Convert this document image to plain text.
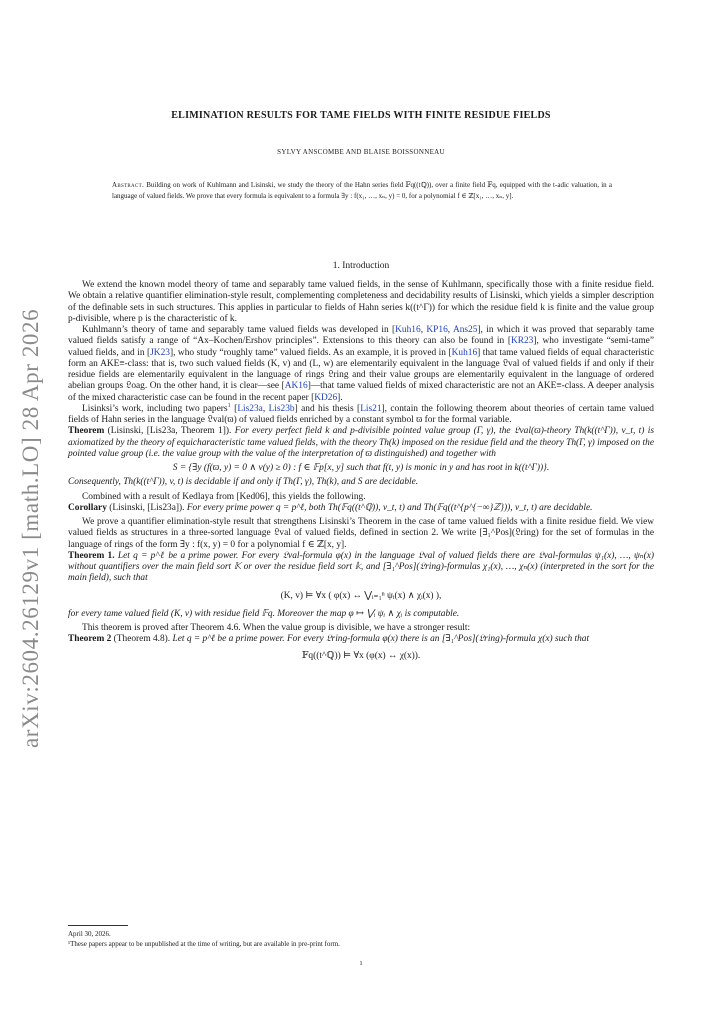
arXiv:2604.26129v1 [math.LO] 28 Apr 2026
ELIMINATION RESULTS FOR TAME FIELDS WITH FINITE RESIDUE FIELDS
SYLVY ANSCOMBE AND BLAISE BOISSONNEAU
Abstract. Building on work of Kuhlmann and Lisinski, we study the theory of the Hahn series field 𝔽q((tℚ)), over a finite field 𝔽q, equipped with the t-adic valuation, in a language of valued fields. We prove that every formula is equivalent to a formula ∃y : f(x₁, …, xₙ, y) = 0, for a polynomial f ∈ ℤ[x₁, …, xₙ, y].
1. Introduction

We extend the known model theory of tame and separably tame valued fields, in the sense of Kuhlmann, specifically those with a finite residue field. We obtain a relative quantifier elimination-style result, complementing completeness and decidability results of Lisinski, which yields a simpler description of the definable sets in such structures. This applies in particular to fields of Hahn series k((t^Γ)) for which the residue field k is finite and the value group p-divisible, where p is the characteristic of k.

Kuhlmann’s theory of tame and separably tame valued fields was developed in [Kuh16, KP16, Ans25], in which it was proved that separably tame valued fields satisfy a range of “Ax–Kochen/Ershov principles”. Extensions to this theory can also be found in [KR23], who investigate “semi-tame” valued fields, and in [JK23], who study “roughly tame” valued fields. As an example, it is proved in [Kuh16] that tame valued fields of equal characteristic form an AKE≡-class: that is, two such valued fields (K, v) and (L, w) are elementarily equivalent in the language 𝔏val of valued fields if and only if their residue fields are elementarily equivalent in the language of rings 𝔏ring and their value groups are elementarily equivalent in the language of ordered abelian groups 𝔏oag. On the other hand, it is clear—see [AK16]—that tame valued fields of mixed characteristic are not an AKE≡-class. A deeper analysis of the mixed characteristic case can be found in the recent paper [KD26].

Lisinksi’s work, including two papers$^1$ [Lis23a, Lis23b] and his thesis [Lis21], contain the following theorem about theories of certain tame valued fields of Hahn series in the language 𝔏val(ϖ) of valued fields enriched by a constant symbol ϖ for the formal variable.

Theorem (Lisinski, [Lis23a, Theorem 1]). For every perfect field k and p-divisible pointed value group (Γ, γ), the 𝔏val(ϖ)-theory Th(k((t^Γ)), v_t, t) is axiomatized by the theory of equicharacteristic tame valued fields, with the theory Th(k) imposed on the residue field and the theory Th(Γ, γ) imposed on the pointed value group (i.e. the value group with the value of the interpretation of ϖ distinguished) and together with

S = {∃y (f(ϖ, y) = 0 ∧ v(y) ≥ 0) : f ∈ 𝔽p[x, y] such that f(t, y) is monic in y and has root in k((t^Γ))}.

Consequently, Th(k((t^Γ)), v, t) is decidable if and only if Th(Γ, γ), Th(k), and S are decidable.

Combined with a result of Kedlaya from [Ked06], this yields the following.

Corollary (Lisinski, [Lis23a]). For every prime power q = p^ℓ, both Th(𝔽q((t^ℚ)), v_t, t) and Th(𝔽q((t^{p^{−∞}ℤ})), v_t, t) are decidable.

We prove a quantifier elimination-style result that strengthens Lisinski’s Theorem in the case of tame valued fields with a finite residue field. We view valued fields as structures in a three-sorted language 𝔏val of valued fields, defined in section 2. We write [∃₁^Pos](𝔏ring) for the set of formulas in the language of rings of the form ∃y : f(x, y) = 0 for a polynomial f ∈ ℤ[x, y].

Theorem 1. Let q = p^ℓ be a prime power. For every 𝔏val-formula φ(x) in the language 𝔏val of valued fields there are 𝔏val-formulas ψ₁(x), …, ψₙ(x) without quantifiers over the main field sort 𝕂 or over the residue field sort 𝕜, and [∃₁^Pos](𝔏ring)-formulas χ₁(x), …, χₙ(x) (interpreted in the sort for the main field), such that

(K, v) ⊨ ∀x ( φ(x) ↔ ⋁ᵢ₌₁ⁿ ψᵢ(x) ∧ χᵢ(x) ),

for every tame valued field (K, v) with residue field 𝔽q. Moreover the map φ ↦ ⋁ᵢ ψᵢ ∧ χᵢ is computable.

This theorem is proved after Theorem 4.6. When the value group is divisible, we have a stronger result:

Theorem 2 (Theorem 4.8). Let q = p^ℓ be a prime power. For every 𝔏ring-formula φ(x) there is an [∃₁^Pos](𝔏ring)-formula χ(x) such that

𝔽q((t^ℚ)) ⊨ ∀x (φ(x) ↔ χ(x)).
April 30, 2026.
¹These papers appear to be unpublished at the time of writing, but are available in pre-print form.
1
